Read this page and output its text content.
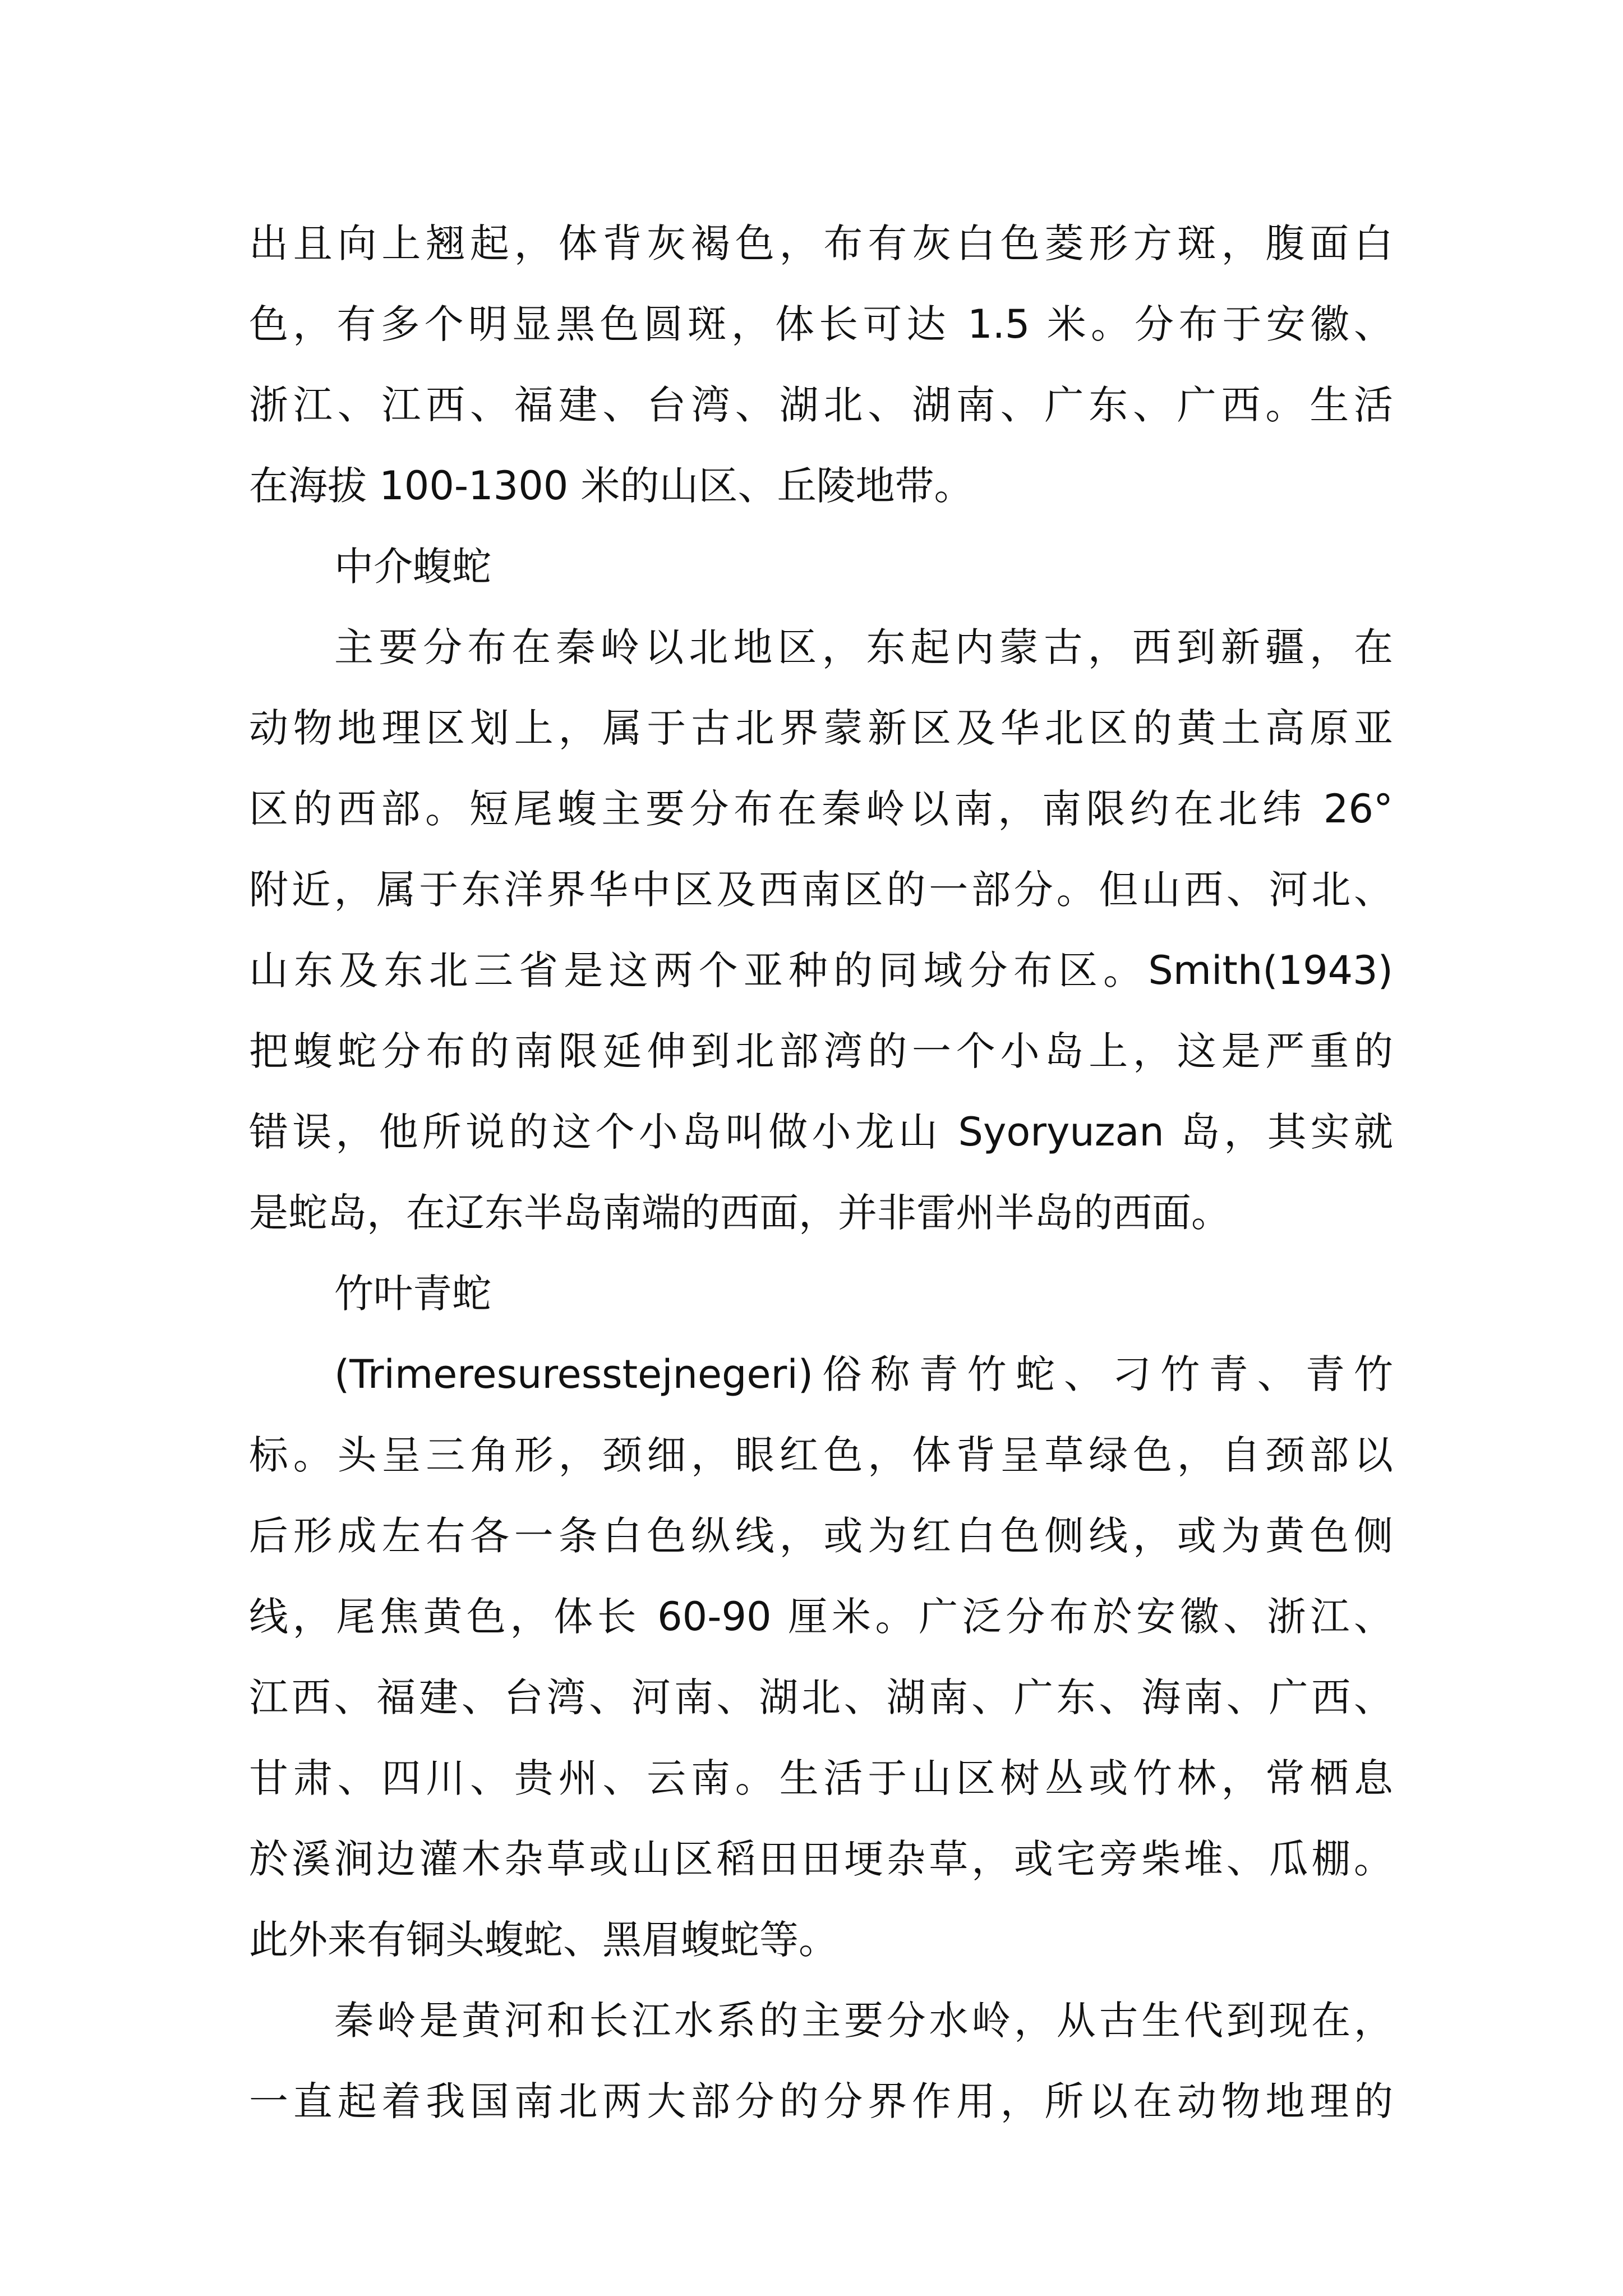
出且向上翘起，体背灰褐色，布有灰白色菱形方斑，腹面白
色，有多个明显黑色圆斑，体长可达 1.5 米。分布于安徽、
浙江、江西、福建、台湾、湖北、湖南、广东、广西。生活
在海拔 100-1300 米的山区、丘陵地带。
中介蝮蛇
主要分布在秦岭以北地区，东起内蒙古，西到新疆，在
动物地理区划上，属于古北界蒙新区及华北区的黄土高原亚
区的西部。短尾蝮主要分布在秦岭以南，南限约在北纬 26°
附近，属于东洋界华中区及西南区的一部分。但山西、河北、
山东及东北三省是这两个亚种的同域分布区。Smith(1943)
把蝮蛇分布的南限延伸到北部湾的一个小岛上，这是严重的
错误，他所说的这个小岛叫做小龙山 Syoryuzan 岛，其实就
是蛇岛，在辽东半岛南端的西面，并非雷州半岛的西面。
竹叶青蛇
(Trimeresuresstejnegeri)俗称青竹蛇、刁竹青、青竹
标。头呈三角形，颈细，眼红色，体背呈草绿色，自颈部以
后形成左右各一条白色纵线，或为红白色侧线，或为黄色侧
线，尾焦黄色，体长 60-90 厘米。广泛分布於安徽、浙江、
江西、福建、台湾、河南、湖北、湖南、广东、海南、广西、
甘肃、四川、贵州、云南。生活于山区树丛或竹林，常栖息
於溪涧边灌木杂草或山区稻田田埂杂草，或宅旁柴堆、瓜棚。
此外来有铜头蝮蛇、黑眉蝮蛇等。
秦岭是黄河和长江水系的主要分水岭，从古生代到现在，
一直起着我国南北两大部分的分界作用，所以在动物地理的
